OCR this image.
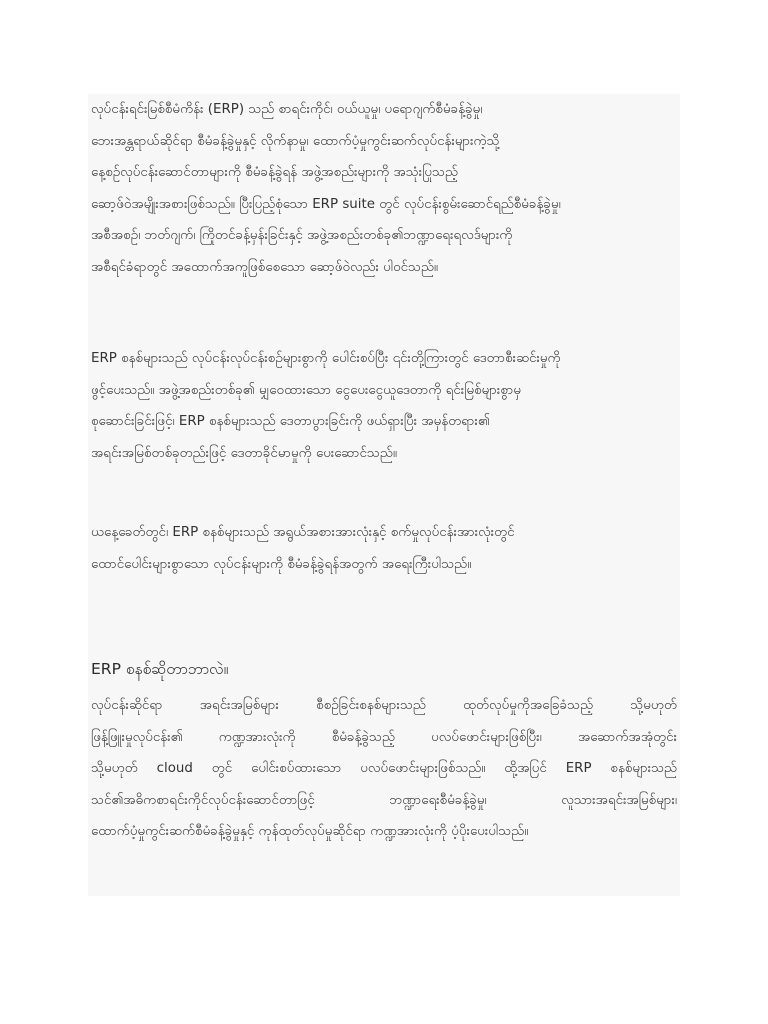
လုပ်ငန်းရင်းမြစ်စီမံကိန်း (ERP) သည် စာရင်းကိုင်၊ ဝယ်ယူမှု၊ ပရောဂျက်စီမံခန့်ခွဲမှု၊
ဘေးအန္တရာယ်ဆိုင်ရာ စီမံခန့်ခွဲမှုနှင့် လိုက်နာမှု၊ ထောက်ပံ့မှုကွင်းဆက်လုပ်ငန်းများကဲ့သို့
နေ့စဉ်လုပ်ငန်းဆောင်တာများကို စီမံခန့်ခွဲရန် အဖွဲ့အစည်းများကို အသုံးပြုသည့်
ဆော့ဖ်ဝဲအမျိုးအစားဖြစ်သည်။ ပြီးပြည့်စုံသော ERP suite တွင် လုပ်ငန်းစွမ်းဆောင်ရည်စီမံခန့်ခွဲမှု၊
အစီအစဉ်၊ ဘတ်ဂျက်၊ ကြိုတင်ခန့်မှန်းခြင်းနှင့် အဖွဲ့အစည်းတစ်ခု၏ဘဏ္ဍာရေးရလဒ်များကို
အစီရင်ခံရာတွင် အထောက်အကူဖြစ်စေသော ဆော့ဖ်ဝဲလည်း ပါဝင်သည်။

ERP စနစ်များသည် လုပ်ငန်းလုပ်ငန်းစဉ်များစွာကို ပေါင်းစပ်ပြီး ၎င်းတို့ကြားတွင် ဒေတာစီးဆင်းမှုကို
ဖွင့်ပေးသည်။ အဖွဲ့အစည်းတစ်ခု၏ မျှဝေထားသော ငွေပေးငွေယူဒေတာကို ရင်းမြစ်များစွာမှ
စုဆောင်းခြင်းဖြင့်၊ ERP စနစ်များသည် ဒေတာပွားခြင်းကို ဖယ်ရှားပြီး အမှန်တရား၏
အရင်းအမြစ်တစ်ခုတည်းဖြင့် ဒေတာခိုင်မာမှုကို ပေးဆောင်သည်။

ယနေ့ခေတ်တွင်၊ ERP စနစ်များသည် အရွယ်အစားအားလုံးနှင့် စက်မှုလုပ်ငန်းအားလုံးတွင်
ထောင်ပေါင်းများစွာသော လုပ်ငန်းများကို စီမံခန့်ခွဲရန်အတွက် အရေးကြီးပါသည်။

ERP စနစ်ဆိုတာဘာလဲ။

လုပ်ငန်းဆိုင်ရာ အရင်းအမြစ်များ စီစဉ်ခြင်းစနစ်များသည် ထုတ်လုပ်မှုကိုအခြေခံသည့် သို့မဟုတ်
ဖြန့်ဖြူးမှုလုပ်ငန်း၏ ကဏ္ဍအားလုံးကို စီမံခန့်ခွဲသည့် ပလပ်ဖောင်းများဖြစ်ပြီး၊ အဆောက်အအုံတွင်း
သို့မဟုတ် cloud တွင် ပေါင်းစပ်ထားသော ပလပ်ဖောင်းများဖြစ်သည်။ ထို့အပြင် ERP စနစ်များသည်
သင်၏အဓိကစာရင်းကိုင်လုပ်ငန်းဆောင်တာဖြင့် ဘဏ္ဍာရေးစီမံခန့်ခွဲမှု၊ လူသားအရင်းအမြစ်များ၊
ထောက်ပံ့မှုကွင်းဆက်စီမံခန့်ခွဲမှုနှင့် ကုန်ထုတ်လုပ်မှုဆိုင်ရာ ကဏ္ဍအားလုံးကို ပံ့ပိုးပေးပါသည်။
